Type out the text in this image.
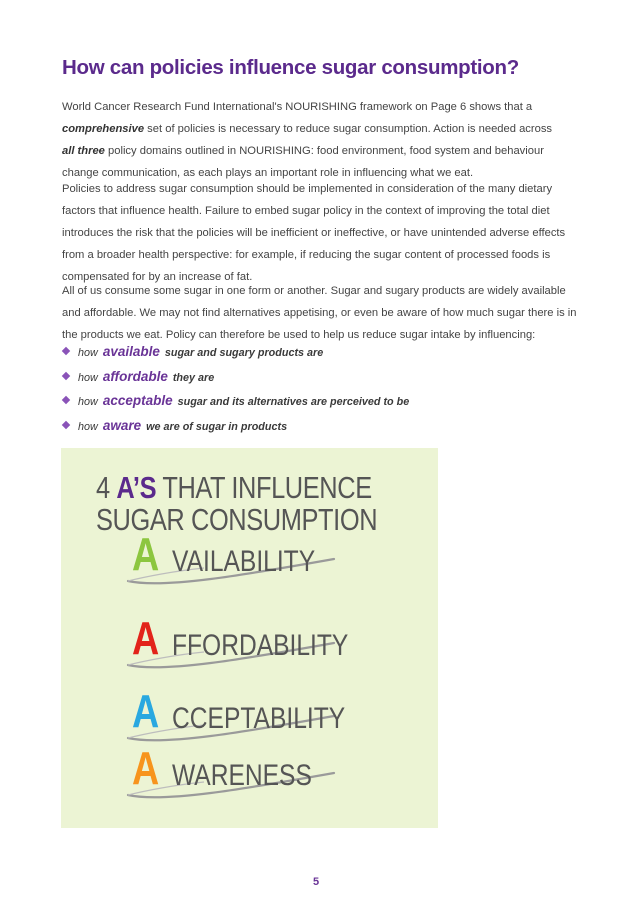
How can policies influence sugar consumption?

World Cancer Research Fund International's NOURISHING framework on Page 6 shows that a
comprehensive set of policies is necessary to reduce sugar consumption. Action is needed across
all three policy domains outlined in NOURISHING: food environment, food system and behaviour change communication, as each plays an important role in influencing what we eat.

Policies to address sugar consumption should be implemented in consideration of the many dietary factors that influence health. Failure to embed sugar policy in the context of improving the total diet introduces the risk that the policies will be inefficient or ineffective, or have unintended adverse effects from a broader health perspective: for example, if reducing the sugar content of processed foods is compensated for by an increase of fat.

All of us consume some sugar in one form or another. Sugar and sugary products are widely available and affordable. We may not find alternatives appetising, or even be aware of how much sugar there is in the products we eat. Policy can therefore be used to help us reduce sugar intake by influencing:

how available sugar and sugary products are
how affordable they are
how acceptable sugar and its alternatives are perceived to be
how aware we are of sugar in products
4 A’S THAT INFLUENCE
SUGAR CONSUMPTION
A VAILABILITY
A FFORDABILITY
A CCEPTABILITY
A WARENESS
5
